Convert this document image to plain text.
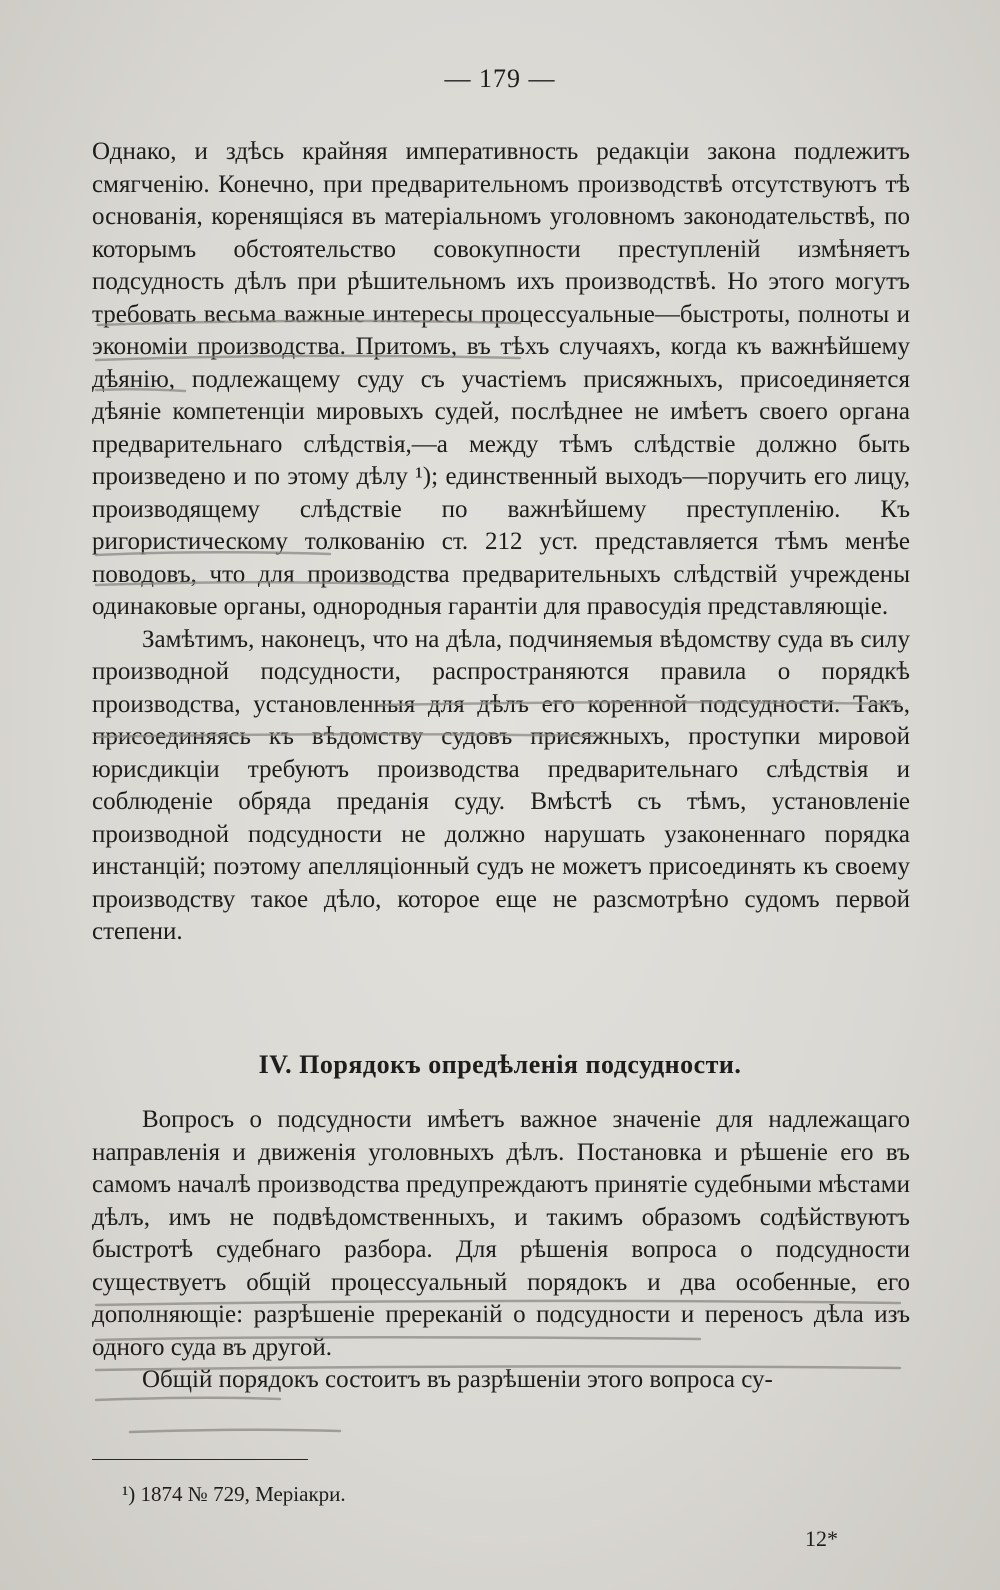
— 179 —

Однако, и здѣсь крайняя императивность редакціи закона подлежитъ смягченію. Конечно, при предварительномъ производствѣ отсутствуютъ тѣ основанія, коренящіяся въ матеріальномъ уголовномъ законодательствѣ, по которымъ обстоятельство совокупности преступленій измѣняетъ подсудность дѣлъ при рѣшительномъ ихъ производствѣ. Но этого могутъ требовать весьма важные интересы процессуальные—быстроты, полноты и экономіи производства. Притомъ, въ тѣхъ случаяхъ, когда къ важнѣйшему дѣянію, подлежащему суду съ участіемъ присяжныхъ, присоединяется дѣяніе компетенціи мировыхъ судей, послѣднее не имѣетъ своего органа предварительнаго слѣдствія,—а между тѣмъ слѣдствіе должно быть произведено и по этому дѣлу ¹); единственный выходъ—поручить его лицу, производящему слѣдствіе по важнѣйшему преступленію. Къ ригористическому толкованію ст. 212 уст. представляется тѣмъ менѣе поводовъ, что для производства предварительныхъ слѣдствій учреждены одинаковые органы, однородныя гарантіи для правосудія представляющіе.

Замѣтимъ, наконецъ, что на дѣла, подчиняемыя вѣдомству суда въ силу производной подсудности, распространяются правила о порядкѣ производства, установленныя для дѣлъ его коренной подсудности. Такъ, присоединяясь къ вѣдомству судовъ присяжныхъ, проступки мировой юрисдикціи требуютъ производства предварительнаго слѣдствія и соблюденіе обряда преданія суду. Вмѣстѣ съ тѣмъ, установленіе производной подсудности не должно нарушать узаконеннаго порядка инстанцій; поэтому апелляціонный судъ не можетъ присоединять къ своему производству такое дѣло, которое еще не разсмотрѣно судомъ первой степени.

IV. Порядокъ опредѣленія подсудности.

Вопросъ о подсудности имѣетъ важное значеніе для надлежащаго направленія и движенія уголовныхъ дѣлъ. Постановка и рѣшеніе его въ самомъ началѣ производства предупреждаютъ принятіе судебными мѣстами дѣлъ, имъ не подвѣдомственныхъ, и такимъ образомъ содѣйствуютъ быстротѣ судебнаго разбора. Для рѣшенія вопроса о подсудности существуетъ общій процессуальный порядокъ и два особенные, его дополняющіе: разрѣшеніе пререканій о подсудности и переносъ дѣла изъ одного суда въ другой.

Общій порядокъ состоитъ въ разрѣшеніи этого вопроса су-

¹) 1874 № 729, Меріакри.
12*
